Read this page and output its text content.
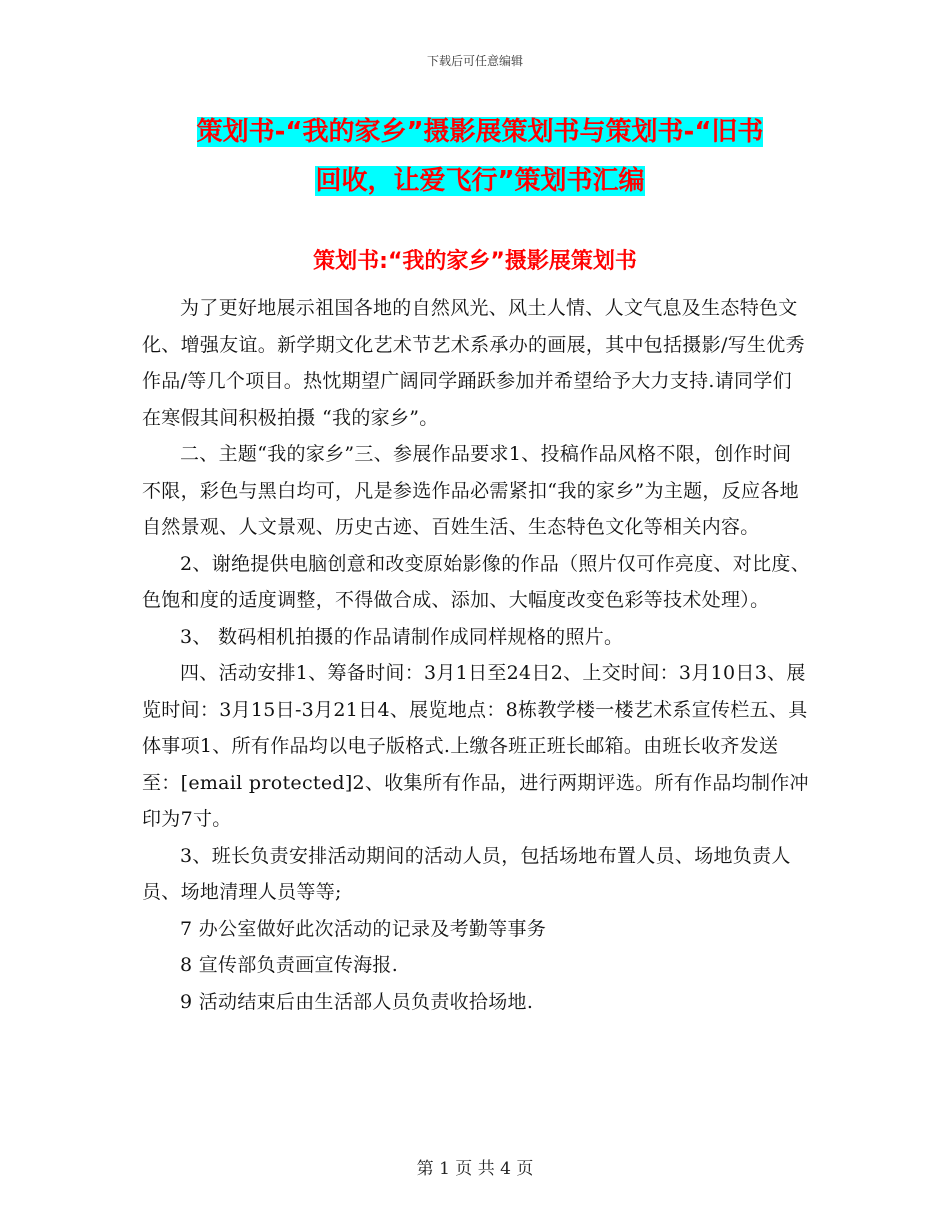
下载后可任意编辑
策划书-“我的家乡”摄影展策划书与策划书-“旧书
回收，让爱飞行”策划书汇编
策划书:“我的家乡”摄影展策划书

为了更好地展示祖国各地的自然风光、风土人情、人文气息及生态特色文化、增强友谊。新学期文化艺术节艺术系承办的画展，其中包括摄影/写生优秀作品/等几个项目。热忱期望广阔同学踊跃参加并希望给予大力支持.请同学们在寒假其间积极拍摄 “我的家乡”。

二、主题“我的家乡”三、参展作品要求1、投稿作品风格不限，创作时间不限，彩色与黑白均可，凡是参选作品必需紧扣“我的家乡”为主题，反应各地自然景观、人文景观、历史古迹、百姓生活、生态特色文化等相关内容。

2、谢绝提供电脑创意和改变原始影像的作品（照片仅可作亮度、对比度、色饱和度的适度调整，不得做合成、添加、大幅度改变色彩等技术处理）。

3、 数码相机拍摄的作品请制作成同样规格的照片。

四、活动安排1、筹备时间：3月1日至24日2、上交时间：3月10日3、展览时间：3月15日-3月21日4、展览地点：8栋教学楼一楼艺术系宣传栏五、具体事项1、所有作品均以电子版格式.上缴各班正班长邮箱。由班长收齐发送至：[email protected]2、收集所有作品，进行两期评选。所有作品均制作冲印为7寸。

3、班长负责安排活动期间的活动人员，包括场地布置人员、场地负责人员、场地清理人员等等;

7 办公室做好此次活动的记录及考勤等事务

8 宣传部负责画宣传海报.

9 活动结束后由生活部人员负责收拾场地.

第 1 页 共 4 页
